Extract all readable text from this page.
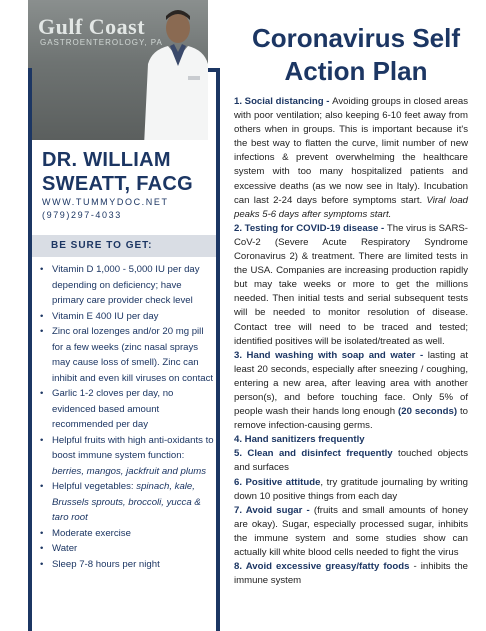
Gulf Coast
GASTROENTEROLOGY, PA
DR. WILLIAM SWEATT, FACG
WWW.TUMMYDOC.NET
(979)297-4033
BE SURE TO GET:
• Vitamin D 1,000 - 5,000 IU per day depending on deficiency; have primary care provider check level
• Vitamin E 400 IU per day
• Zinc oral lozenges and/or 20 mg pill for a few weeks (zinc nasal sprays may cause loss of smell). Zinc can inhibit and even kill viruses on contact
• Garlic 1-2 cloves per day, no evidenced based amount recommended per day
• Helpful fruits with high anti-oxidants to boost immune system function: berries, mangos, jackfruit and plums
• Helpful vegetables: spinach, kale, Brussels sprouts, broccoli, yucca & taro root
• Moderate exercise
• Water
• Sleep 7-8 hours per night
Coronavirus Self Action Plan

1. Social distancing - Avoiding groups in closed areas with poor ventilation; also keeping 6-10 feet away from others when in groups. This is important because it's the best way to flatten the curve, limit number of new infections & prevent overwhelming the healthcare system with too many hospitalized patients and excessive deaths (as we now see in Italy). Incubation can last 2-24 days before symptoms start. Viral load peaks 5-6 days after symptoms start.

2. Testing for COVID-19 disease - The virus is SARS-CoV-2 (Severe Acute Respiratory Syndrome Coronavirus 2) & treatment. There are limited tests in the USA. Companies are increasing production rapidly but may take weeks or more to get the millions needed. Then initial tests and serial subsequent tests will be needed to monitor resolution of disease. Contact tree will need to be traced and tested; identified positives will be isolated/treated as well.

3. Hand washing with soap and water - lasting at least 20 seconds, especially after sneezing / coughing, entering a new area, after leaving area with another person(s), and before touching face. Only 5% of people wash their hands long enough (20 seconds) to remove infection-causing germs.

4. Hand sanitizers frequently

5. Clean and disinfect frequently touched objects and surfaces

6. Positive attitude, try gratitude journaling by writing down 10 positive things from each day

7. Avoid sugar - (fruits and small amounts of honey are okay). Sugar, especially processed sugar, inhibits the immune system and some studies show can actually kill white blood cells needed to fight the virus

8. Avoid excessive greasy/fatty foods - inhibits the immune system
